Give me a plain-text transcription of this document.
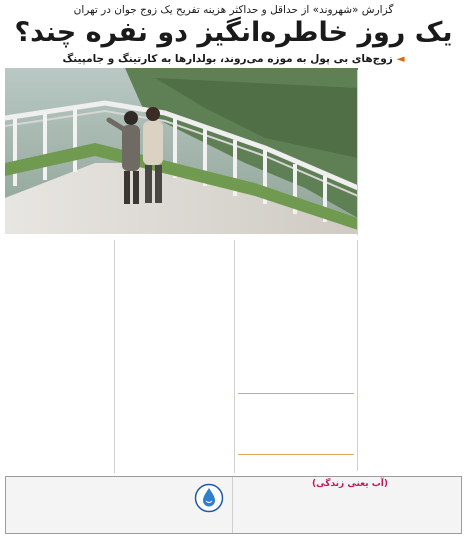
گزارش «شهروند» از حداقل و حداکثر هزینه تفریح یک زوج جوان در تهران
یک روز خاطره‌انگیز دو نفره چند؟
◄ زوج‌های بی پول به موزه می‌روند، بولدار‌ها به کارتینگ و جامپینگ
(آب یعنی زندگی)
